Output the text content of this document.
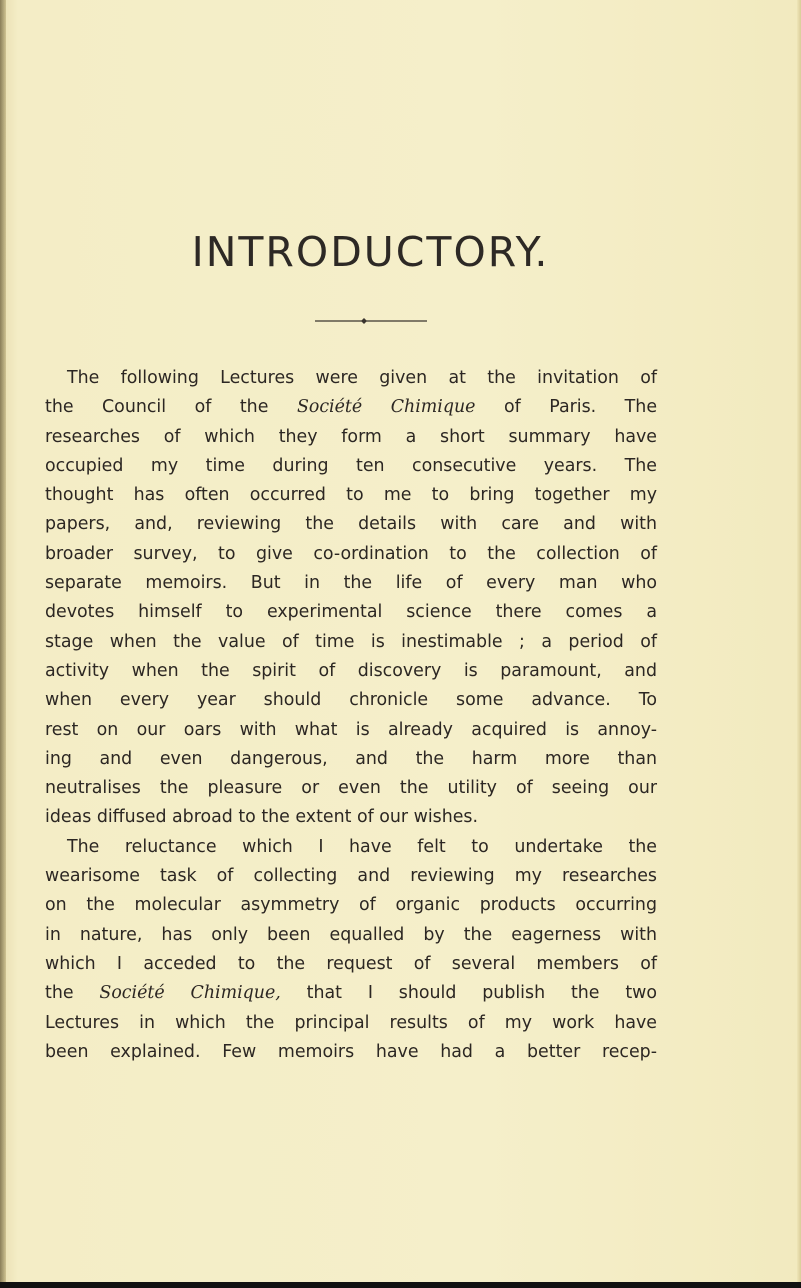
INTRODUCTORY.
The following Lectures were given at the invitation of
the Council of the Société Chimique of Paris. The
researches of which they form a short summary have
occupied my time during ten consecutive years. The
thought has often occurred to me to bring together my
papers, and, reviewing the details with care and with
broader survey, to give co-ordination to the collection of
separate memoirs. But in the life of every man who
devotes himself to experimental science there comes a
stage when the value of time is inestimable ; a period of
activity when the spirit of discovery is paramount, and
when every year should chronicle some advance. To
rest on our oars with what is already acquired is annoy-
ing and even dangerous, and the harm more than
neutralises the pleasure or even the utility of seeing our
ideas diffused abroad to the extent of our wishes.
The reluctance which I have felt to undertake the
wearisome task of collecting and reviewing my researches
on the molecular asymmetry of organic products occurring
in nature, has only been equalled by the eagerness with
which I acceded to the request of several members of
the Société Chimique, that I should publish the two
Lectures in which the principal results of my work have
been explained. Few memoirs have had a better recep-
